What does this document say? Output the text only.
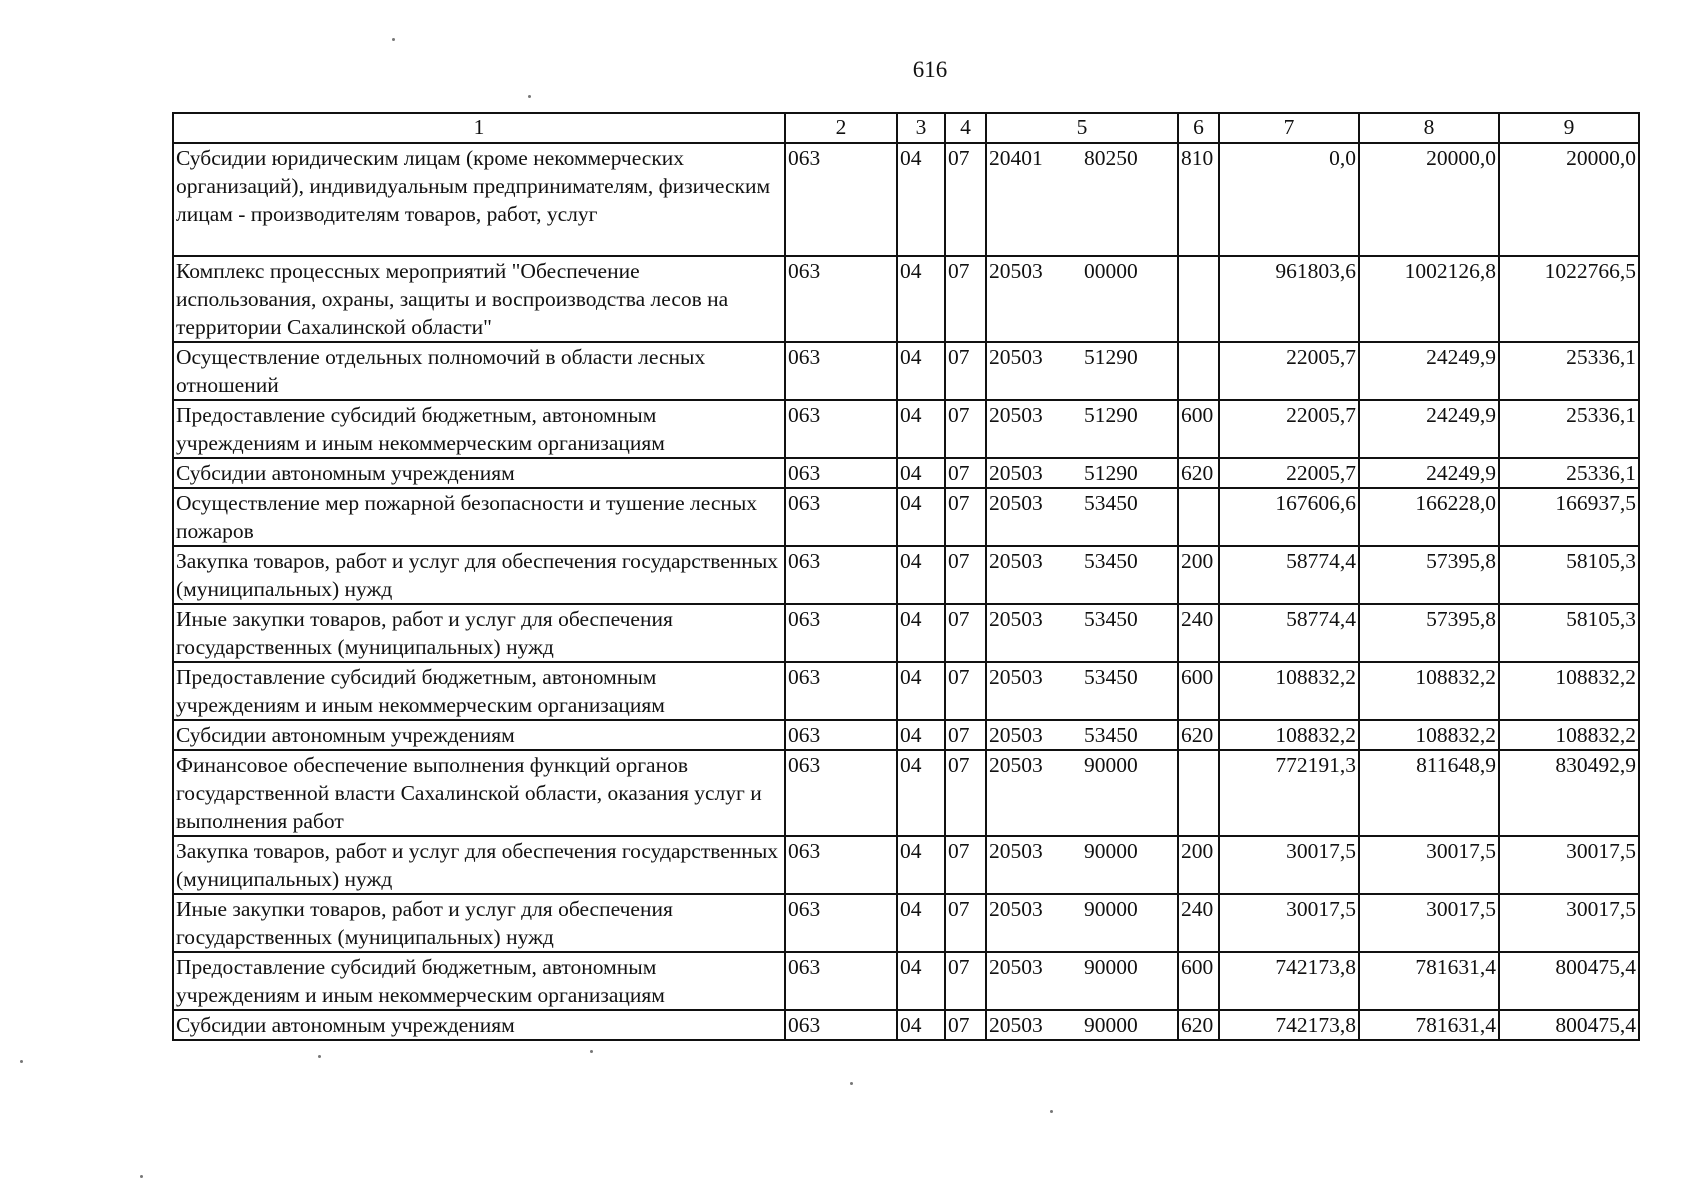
616
1	2	3	4	5		6	7	8	9
Субсидии юридическим лицам (кроме некоммерческих организаций), индивидуальным предпринимателям, физическим лицам - производителям товаров, работ, услуг	063	04	07	20401	80250	810	0,0	20000,0	20000,0
Комплекс процессных мероприятий "Обеспечение использования, охраны, защиты и воспроизводства лесов на территории Сахалинской области"	063	04	07	20503	00000		961803,6	1002126,8	1022766,5
Осуществление отдельных полномочий в области лесных отношений	063	04	07	20503	51290		22005,7	24249,9	25336,1
Предоставление субсидий бюджетным, автономным учреждениям и иным некоммерческим организациям	063	04	07	20503	51290	600	22005,7	24249,9	25336,1
Субсидии автономным учреждениям	063	04	07	20503	51290	620	22005,7	24249,9	25336,1
Осуществление мер пожарной безопасности и тушение лесных пожаров	063	04	07	20503	53450		167606,6	166228,0	166937,5
Закупка товаров, работ и услуг для обеспечения государственных (муниципальных) нужд	063	04	07	20503	53450	200	58774,4	57395,8	58105,3
Иные закупки товаров, работ и услуг для обеспечения государственных (муниципальных) нужд	063	04	07	20503	53450	240	58774,4	57395,8	58105,3
Предоставление субсидий бюджетным, автономным учреждениям и иным некоммерческим организациям	063	04	07	20503	53450	600	108832,2	108832,2	108832,2
Субсидии автономным учреждениям	063	04	07	20503	53450	620	108832,2	108832,2	108832,2
Финансовое обеспечение выполнения функций органов государственной власти Сахалинской области, оказания услуг и выполнения работ	063	04	07	20503	90000		772191,3	811648,9	830492,9
Закупка товаров, работ и услуг для обеспечения государственных (муниципальных) нужд	063	04	07	20503	90000	200	30017,5	30017,5	30017,5
Иные закупки товаров, работ и услуг для обеспечения государственных (муниципальных) нужд	063	04	07	20503	90000	240	30017,5	30017,5	30017,5
Предоставление субсидий бюджетным, автономным учреждениям и иным некоммерческим организациям	063	04	07	20503	90000	600	742173,8	781631,4	800475,4
Субсидии автономным учреждениям	063	04	07	20503	90000	620	742173,8	781631,4	800475,4
